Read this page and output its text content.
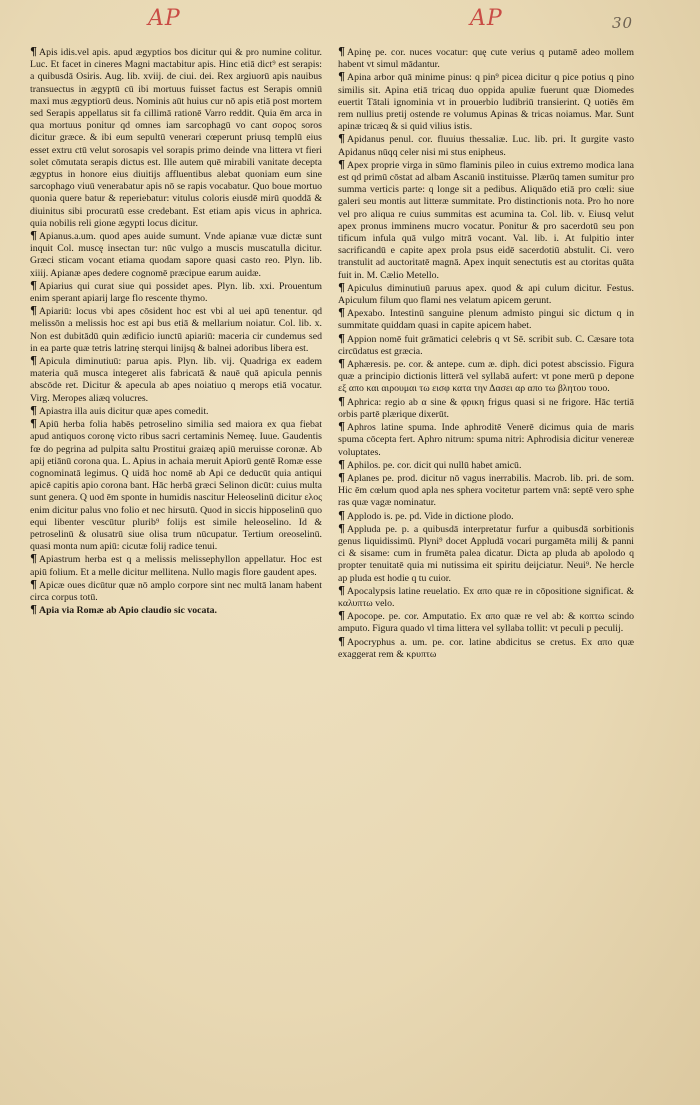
AP	AP	30

¶ Apis idis.vel apis. apud ægyptios bos dicitur qui & pro numine colitur. Luc. Et facet in cineres Magni mactabitur apis. Hinc etiā dict⁹ est serapis: a quibusdā Osiris. Aug. lib. xviij. de ciui. dei. Rex argiuorū apis nauibus transuectus in ægyptū cū ibi mortuus fuisset factus est Serapis omniū maxi mus ægyptiorū deus. Nominis aūt huius cur nō apis etiā post mortem sed Serapis appellatus sit fa cillimā rationē Varro reddit. Quia ēm arca in qua mortuus ponitur qd omnes iam sarcophagū vo cant σορος soros dicitur græce. & ibi eum sepultū venerari cœperunt priusq templū eius esset extru ctū velut sorosapis vel sorapis primo deinde vna littera vt fieri solet cōmutata serapis dictus est. Ille autem quē mirabili vanitate decepta ægyptus in honore eius diuitijs affluentibus alebat quoniam eum sine sarcophago viuū venerabatur apis nō se rapis vocabatur. Quo boue mortuo quonia quere batur & reperiebatur: vitulus coloris eiusdē mirū quoddā & diuinitus sibi procuratū esse credebant. Est etiam apis vicus in aphrica. quia nobilis reli gione ægypti locus dicitur.

¶ Apianus.a.um. quod apes auide sumunt. Vnde apianæ vuæ dictæ sunt inquit Col. muscę insectan tur: nūc vulgo a muscis muscatulla dicitur. Græci sticam vocant etiama quodam sapore quasi casto reo. Plyn. lib. xiiij. Apianæ apes dedere cognomē præcipue earum auidæ.

¶ Apiarius qui curat siue qui possidet apes. Plyn. lib. xxi. Prouentum enim sperant apiarij large flo rescente thymo.

¶ Apiariū: locus vbi apes cōsident hoc est vbi al uei apū tenentur. qd melissōn a melissis hoc est api bus etiā & mellarium noiatur. Col. lib. x. Non est dubitādū quin ædificio iunctū apiariū: maceria cir cundemus sed in ea parte quæ tetris latrinę sterqui linijsq & balnei adoribus libera est.

¶ Apicula diminutiuū: parua apis. Plyn. lib. vij. Quadriga ex eadem materia quā musca integeret alis fabricatā & nauē quā apicula pennis abscōde ret. Dicitur & apecula ab apes noiatiuo q merops etiā vocatur. Virg. Meropes aliæq volucres.

¶ Apiastra illa auis dicitur quæ apes comedit.

¶ Apiū herba folia habēs petroselino similia sed maiora ex qua fiebat apud antiquos coronę victo ribus sacri certaminis Nemeę. Iuue. Gaudentis fœ do pegrina ad pulpita saltu Prostitui graiæq apiū meruisse coronæ. Ab apij etiānū corona qua. L. Apius in achaia meruit Apiorū gentē Romæ esse cognominatā legimus. Q uidā hoc nomē ab Api ce deducūt quia antiqui apicē capitis apio corona bant. Hāc herbā græci Selinon dicūt: cuius multa sunt genera. Q uod ēm sponte in humidis nascitur Heleoselinū dicitur ελος enim dicitur palus vno folio et nec hirsutū. Quod in siccis hipposelinū quo equi libenter vescūtur plurib⁹ folijs est simile heleoselino. Id & petroselinū & olusatrū siue olisa trum nūcupatur. Tertium oreoselinū. quasi monta num apiū: cicutæ folij radice tenui.

¶ Apiastrum herba est q a melissis melissephyllon appellatur. Hoc est apiū folium. Et a melle dicitur mellitena. Nullo magis flore gaudent apes.

¶ Apicæ oues dicūtur quæ nō amplo corpore sint nec multā lanam habent circa corpus totū.

¶ Apia via Romæ ab Apio claudio sic vocata.

¶ Apinę pe. cor. nuces vocatur: quę cute verius q putamē adeo mollem habent vt simul mādantur.

¶ Apina arbor quā minime pinus: q pin⁹ picea dicitur q pice potius q pino similis sit. Apina etiā tricaq duo oppida apuliæ fuerunt quæ Diomedes euertit Tātali ignominia vt in prouerbio ludibriū transierint. Q uotiēs ēm rem nullius pretij ostende re volumus Apinas & tricas noiamus. Mar. Sunt apinæ tricæq & si quid vilius istis.

¶ Apidanus penul. cor. fluuius thessaliæ. Luc. lib. pri. It gurgite vasto Apidanus nūqq celer nisi mi stus enipheus.

¶ Apex proprie virga in sūmo flaminis pileo in cuius extremo modica lana est qd primū cōstat ad albam Ascaniū instituisse. Plærūq tamen sumitur pro summa verticis parte: q longe sit a pedibus. Aliquādo etiā pro cœli: siue galeri seu montis aut litteræ summitate. Pro distinctionis nota. Pro ho nore vel pro aliqua re cuius summitas est acumina ta. Col. lib. v. Eiusq velut apex pronus imminens mucro vocatur. Ponitur & pro sacerdotū seu pon tificum infula quā vulgo mitrā vocant. Val. lib. i. At fulpitio inter sacrificandū e capite apex prola psus eidē sacerdotiū abstulit. Ci. vero transtulit ad auctoritatē magnā. Apex inquit senectutis est au ctoritas quāta fuit in. M. Cælio Metello.

¶ Apiculus diminutiuū paruus apex. quod & api culum dicitur. Festus. Apiculum filum quo flami nes velatum apicem gerunt.

¶ Apexabo. Intestinū sanguine plenum admisto pingui sic dictum q in summitate quiddam quasi in capite apicem habet.

¶ Appion nomē fuit grāmatici celebris q vt Sē. scribit sub. C. Cæsare tota circūdatus est græcia.

¶ Aphæresis. pe. cor. & antepe. cum æ. diph. dici potest abscissio. Figura quæ a principio dictionis litterā vel syllabā aufert: vt pone merū p depone εξ απο και αιρουμαι τω εισφ κατα την Δασει αρ απο τω βλητου τουο.

¶ Aphrica: regio ab α sine & φρικη frigus quasi si ne frigore. Hāc tertiā orbis partē plærique dixerūt.

¶ Aphros latine spuma. Inde aphroditē Venerē dicimus quia de maris spuma cōcepta fert. Aphro nitrum: spuma nitri: Aphrodisia dicitur venereæ voluptates.

¶ Aphilos. pe. cor. dicit qui nullū habet amicū.

¶ Aplanes pe. prod. dicitur nō vagus inerrabilis. Macrob. lib. pri. de som. Hic ēm cœlum quod apla nes sphera vocitetur partem vnā: septē vero sphe ras quæ vagæ nominatur.

¶ Applodo is. pe. pd. Vide in dictione plodo.

¶ Appluda pe. p. a quibusdā interpretatur furfur a quibusdā sorbitionis genus liquidissimū. Plyni⁹ docet Appludā vocari purgamēta milij & panni ci & sisame: cum in frumēta palea dicatur. Dicta ap pluda ab apolodo q propter tenuitatē quia mi nutissima eit spiritu deijciatur. Neui⁹. Ne hercle ap pluda est hodie q tu cuior.

¶ Apocalypsis latine reuelatio. Ex απο quæ re in cōpositione significat. & καλυπτω velo.

¶ Apocope. pe. cor. Amputatio. Ex απο quæ re vel ab: & κοπτω scindo amputo. Figura quado vl tima littera vel syllaba tollit: vt peculi p peculij.

¶ Apocryphus a. um. pe. cor. latine abdicitus se cretus. Ex απο quæ exaggerat rem & κρυπτω
